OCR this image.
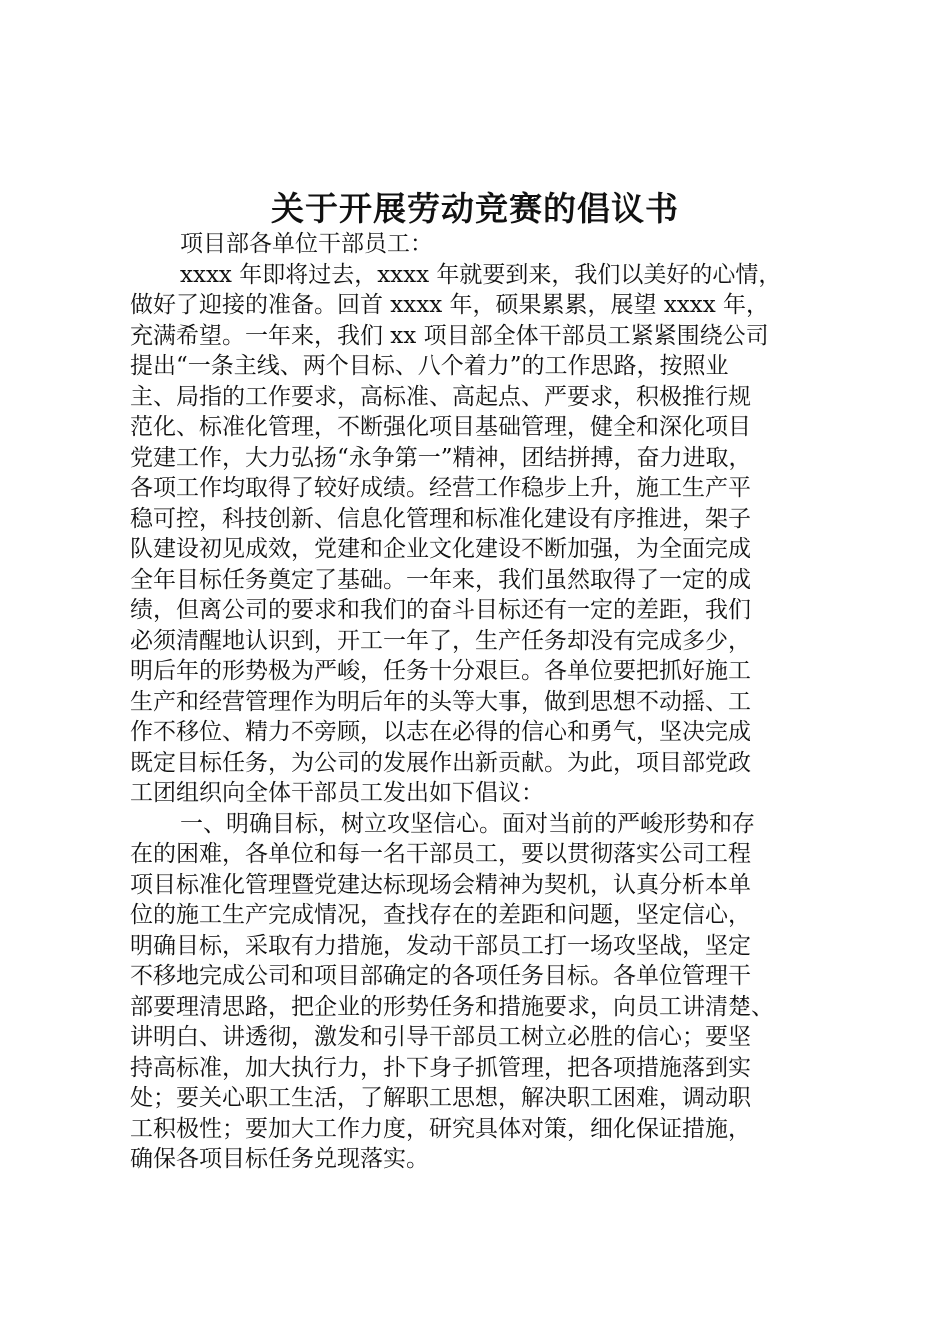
关于开展劳动竞赛的倡议书
项目部各单位干部员工：
xxxx 年即将过去，xxxx 年就要到来，我们以美好的心情，
做好了迎接的准备。回首 xxxx 年，硕果累累，展望 xxxx 年，
充满希望。一年来，我们 xx 项目部全体干部员工紧紧围绕公司
提出“一条主线、两个目标、八个着力”的工作思路，按照业
主、局指的工作要求，高标准、高起点、严要求，积极推行规
范化、标准化管理，不断强化项目基础管理，健全和深化项目
党建工作，大力弘扬“永争第一”精神，团结拼搏，奋力进取，
各项工作均取得了较好成绩。经营工作稳步上升，施工生产平
稳可控，科技创新、信息化管理和标准化建设有序推进，架子
队建设初见成效，党建和企业文化建设不断加强，为全面完成
全年目标任务奠定了基础。一年来，我们虽然取得了一定的成
绩，但离公司的要求和我们的奋斗目标还有一定的差距，我们
必须清醒地认识到，开工一年了，生产任务却没有完成多少，
明后年的形势极为严峻，任务十分艰巨。各单位要把抓好施工
生产和经营管理作为明后年的头等大事，做到思想不动摇、工
作不移位、精力不旁顾，以志在必得的信心和勇气，坚决完成
既定目标任务，为公司的发展作出新贡献。为此，项目部党政
工团组织向全体干部员工发出如下倡议：
一、明确目标，树立攻坚信心。面对当前的严峻形势和存
在的困难，各单位和每一名干部员工，要以贯彻落实公司工程
项目标准化管理暨党建达标现场会精神为契机，认真分析本单
位的施工生产完成情况，查找存在的差距和问题，坚定信心，
明确目标，采取有力措施，发动干部员工打一场攻坚战，坚定
不移地完成公司和项目部确定的各项任务目标。各单位管理干
部要理清思路，把企业的形势任务和措施要求，向员工讲清楚、
讲明白、讲透彻，激发和引导干部员工树立必胜的信心；要坚
持高标准，加大执行力，扑下身子抓管理，把各项措施落到实
处；要关心职工生活，了解职工思想，解决职工困难，调动职
工积极性；要加大工作力度，研究具体对策，细化保证措施，
确保各项目标任务兑现落实。
